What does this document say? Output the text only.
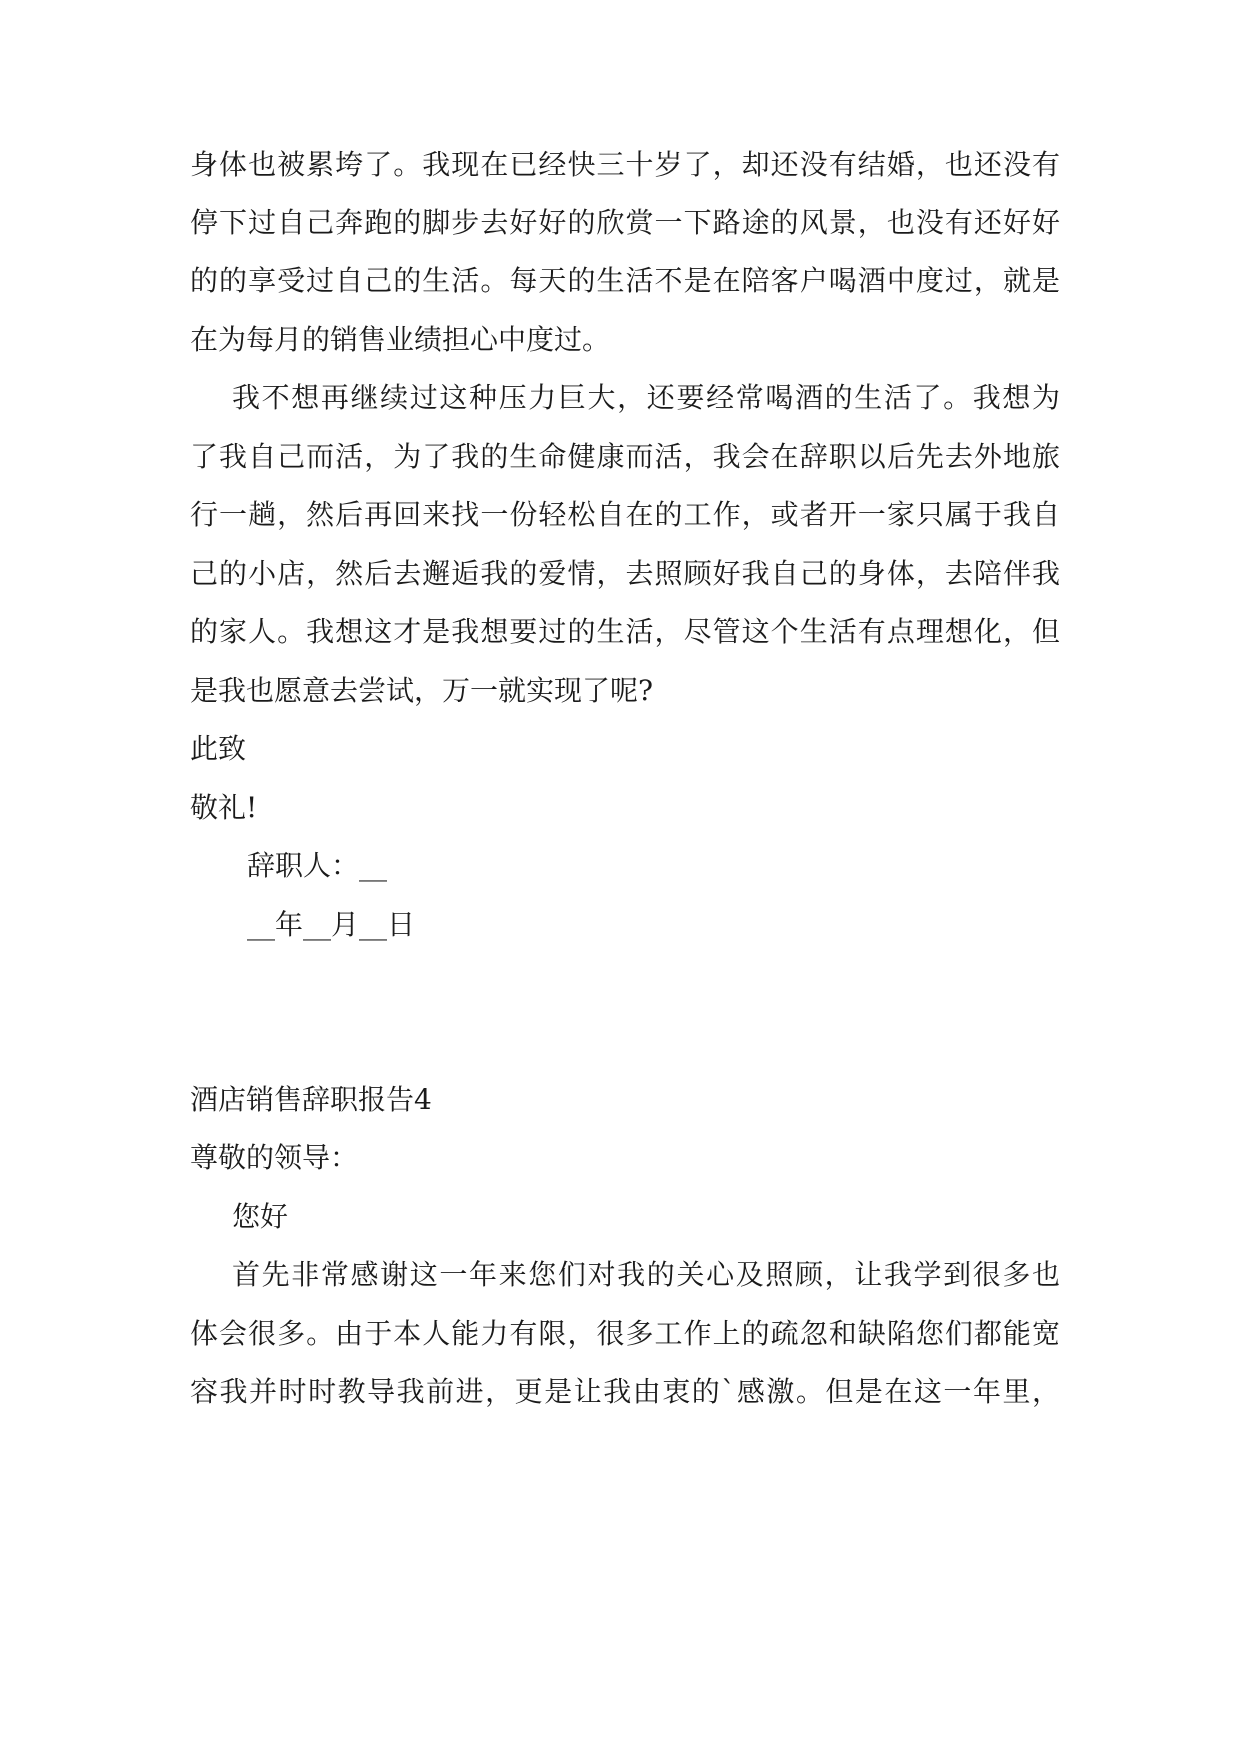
身体也被累垮了。我现在已经快三十岁了，却还没有结婚，也还没有
停下过自己奔跑的脚步去好好的欣赏一下路途的风景，也没有还好好
的的享受过自己的生活。每天的生活不是在陪客户喝酒中度过，就是
在为每月的销售业绩担心中度过。
我不想再继续过这种压力巨大，还要经常喝酒的生活了。我想为
了我自己而活，为了我的生命健康而活，我会在辞职以后先去外地旅
行一趟，然后再回来找一份轻松自在的工作，或者开一家只属于我自
己的小店，然后去邂逅我的爱情，去照顾好我自己的身体，去陪伴我
的家人。我想这才是我想要过的生活，尽管这个生活有点理想化，但
是我也愿意去尝试，万一就实现了呢?
此致
敬礼!
辞职人：__
__年__月__日
酒店销售辞职报告4
尊敬的领导：
您好
首先非常感谢这一年来您们对我的关心及照顾，让我学到很多也
体会很多。由于本人能力有限，很多工作上的疏忽和缺陷您们都能宽
容我并时时教导我前进，更是让我由衷的`感激。但是在这一年里，
